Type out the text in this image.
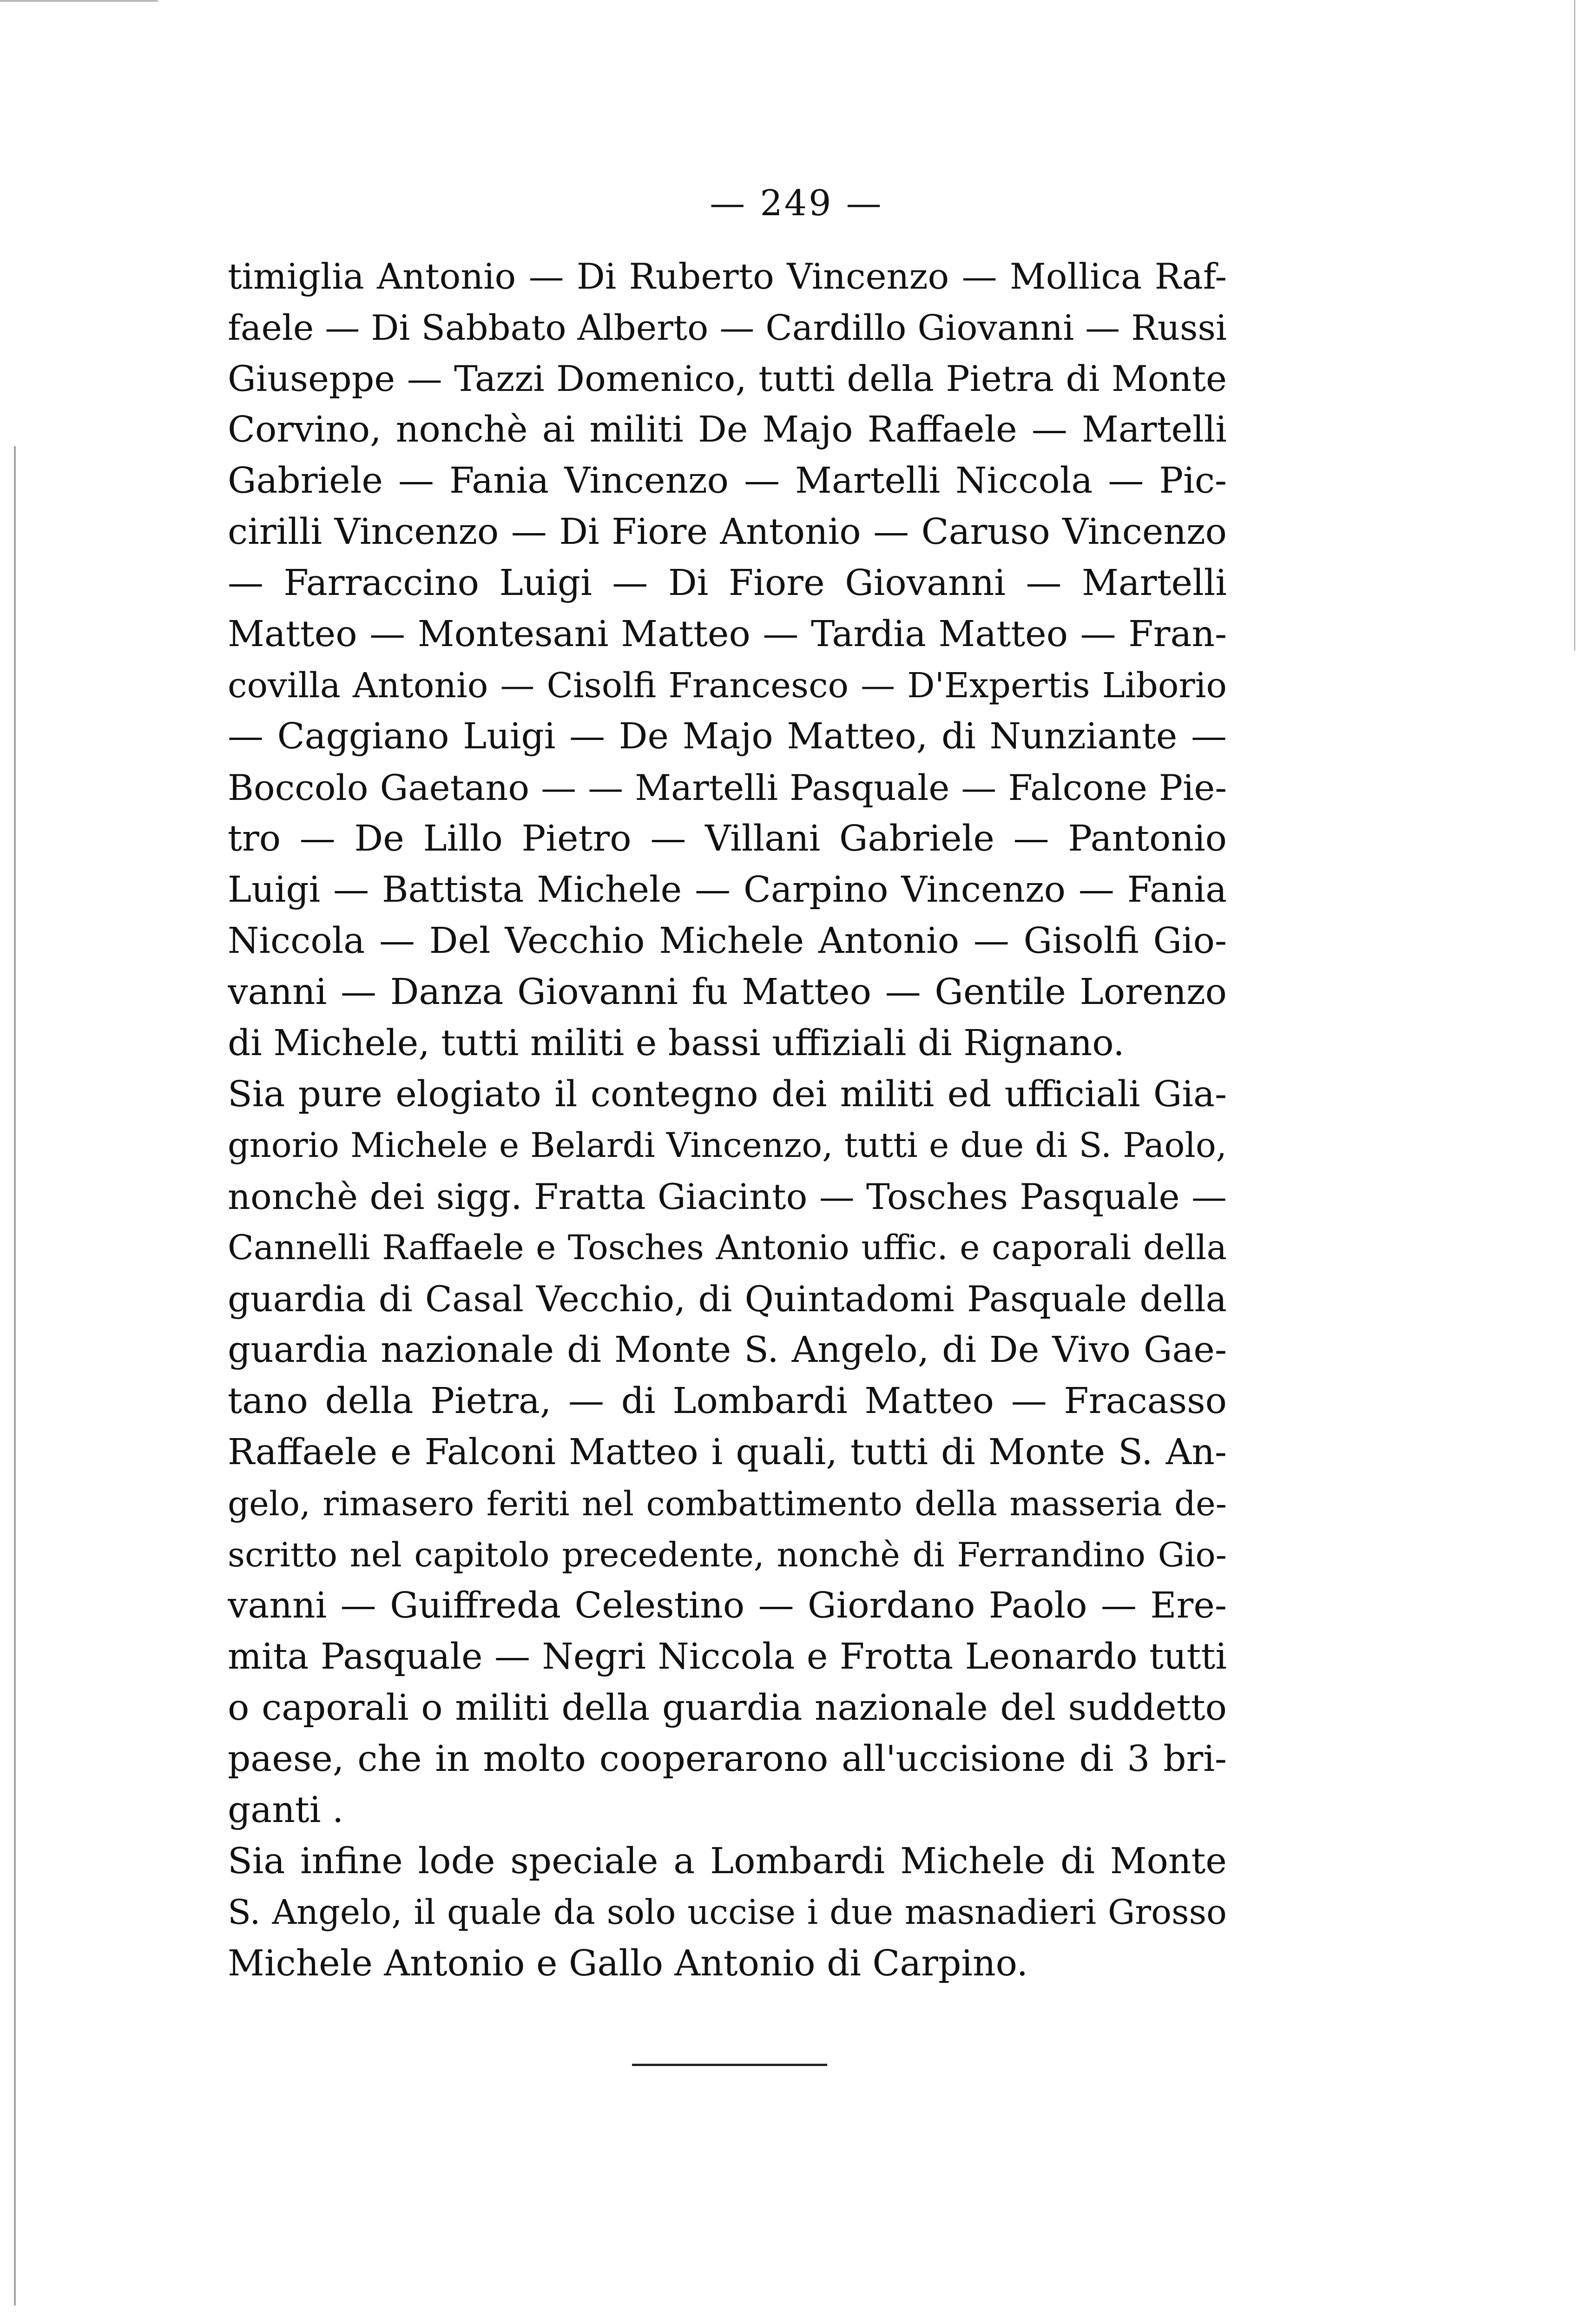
— 249 —
timiglia Antonio — Di Ruberto Vincenzo — Mollica Raf-
faele — Di Sabbato Alberto — Cardillo Giovanni — Russi
Giuseppe — Tazzi Domenico, tutti della Pietra di Monte
Corvino, nonchè ai militi De Majo Raffaele — Martelli
Gabriele — Fania Vincenzo — Martelli Niccola — Pic-
cirilli Vincenzo — Di Fiore Antonio — Caruso Vincenzo
— Farraccino Luigi — Di Fiore Giovanni — Martelli
Matteo — Montesani Matteo — Tardia Matteo — Fran-
covilla Antonio — Cisolfi Francesco — D'Expertis Liborio
— Caggiano Luigi — De Majo Matteo, di Nunziante —
Boccolo Gaetano — — Martelli Pasquale — Falcone Pie-
tro — De Lillo Pietro — Villani Gabriele — Pantonio
Luigi — Battista Michele — Carpino Vincenzo — Fania
Niccola — Del Vecchio Michele Antonio — Gisolfi Gio-
vanni — Danza Giovanni fu Matteo — Gentile Lorenzo
di Michele, tutti militi e bassi uffiziali di Rignano.
Sia pure elogiato il contegno dei militi ed ufficiali Gia-
gnorio Michele e Belardi Vincenzo, tutti e due di S. Paolo,
nonchè dei sigg. Fratta Giacinto — Tosches Pasquale —
Cannelli Raffaele e Tosches Antonio uffic. e caporali della
guardia di Casal Vecchio, di Quintadomi Pasquale della
guardia nazionale di Monte S. Angelo, di De Vivo Gae-
tano della Pietra, — di Lombardi Matteo — Fracasso
Raffaele e Falconi Matteo i quali, tutti di Monte S. An-
gelo, rimasero feriti nel combattimento della masseria de-
scritto nel capitolo precedente, nonchè di Ferrandino Gio-
vanni — Guiffreda Celestino — Giordano Paolo — Ere-
mita Pasquale — Negri Niccola e Frotta Leonardo tutti
o caporali o militi della guardia nazionale del suddetto
paese, che in molto cooperarono all'uccisione di 3 bri-
ganti .
Sia infine lode speciale a Lombardi Michele di Monte
S. Angelo, il quale da solo uccise i due masnadieri Grosso
Michele Antonio e Gallo Antonio di Carpino.
